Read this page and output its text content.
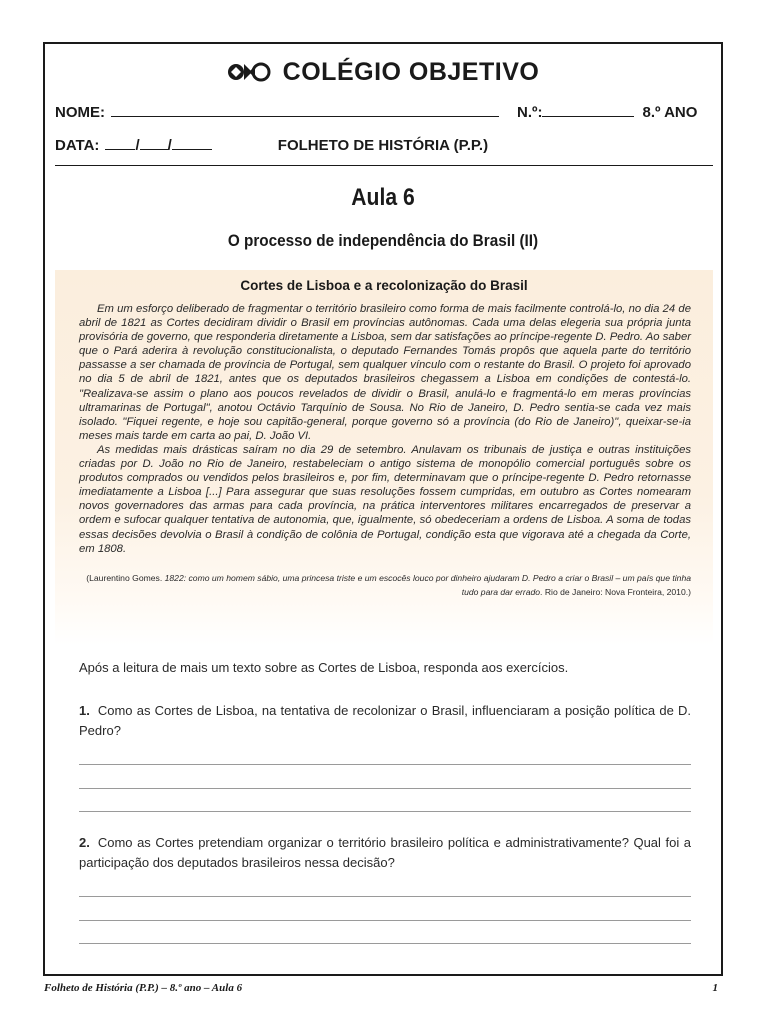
COLÉGIO OBJETIVO
NOME:	N.º:	8.º ANO
DATA: / /	FOLHETO DE HISTÓRIA (P.P.)
Aula 6
O processo de independência do Brasil (II)
Cortes de Lisboa e a recolonização do Brasil

Em um esforço deliberado de fragmentar o território brasileiro como forma de mais facilmente controlá-lo, no dia 24 de abril de 1821 as Cortes decidiram dividir o Brasil em províncias autônomas. Cada uma delas elegeria sua própria junta provisória de governo, que responderia diretamente a Lisboa, sem dar satisfações ao príncipe-regente D. Pedro. Ao saber que o Pará aderira à revolução constitucionalista, o deputado Fernandes Tomás propôs que aquela parte do território passasse a ser chamada de província de Portugal, sem qualquer vínculo com o restante do Brasil. O projeto foi aprovado no dia 5 de abril de 1821, antes que os deputados brasileiros chegassem a Lisboa em condições de contestá-lo. "Realizava-se assim o plano aos poucos revelados de dividir o Brasil, anulá-lo e fragmentá-lo em meras províncias ultramarinas de Portugal", anotou Octávio Tarquínio de Sousa. No Rio de Janeiro, D. Pedro sentia-se cada vez mais isolado. "Fiquei regente, e hoje sou capitão-general, porque governo só a província (do Rio de Janeiro)", queixar-se-ia meses mais tarde em carta ao pai, D. João VI.

As medidas mais drásticas saíram no dia 29 de setembro. Anulavam os tribunais de justiça e outras instituições criadas por D. João no Rio de Janeiro, restabeleciam o antigo sistema de monopólio comercial português sobre os produtos comprados ou vendidos pelos brasileiros e, por fim, determinavam que o príncipe-regente D. Pedro retornasse imediatamente a Lisboa [...] Para assegurar que suas resoluções fossem cumpridas, em outubro as Cortes nomearam novos governadores das armas para cada província, na prática interventores militares encarregados de preservar a ordem e sufocar qualquer tentativa de autonomia, que, igualmente, só obedeceriam a ordens de Lisboa. A soma de todas essas decisões devolvia o Brasil à condição de colônia de Portugal, condição esta que vigorava até a chegada da Corte, em 1808.

(Laurentino Gomes. 1822: como um homem sábio, uma princesa triste e um escocês louco por dinheiro ajudaram D. Pedro a criar o Brasil – um país que tinha tudo para dar errado. Rio de Janeiro: Nova Fronteira, 2010.)
Após a leitura de mais um texto sobre as Cortes de Lisboa, responda aos exercícios.
1. Como as Cortes de Lisboa, na tentativa de recolonizar o Brasil, influenciaram a posição política de D. Pedro?
2. Como as Cortes pretendiam organizar o território brasileiro política e administrativamente? Qual foi a participação dos deputados brasileiros nessa decisão?
Folheto de História (P.P.) – 8.º ano – Aula 6	1
